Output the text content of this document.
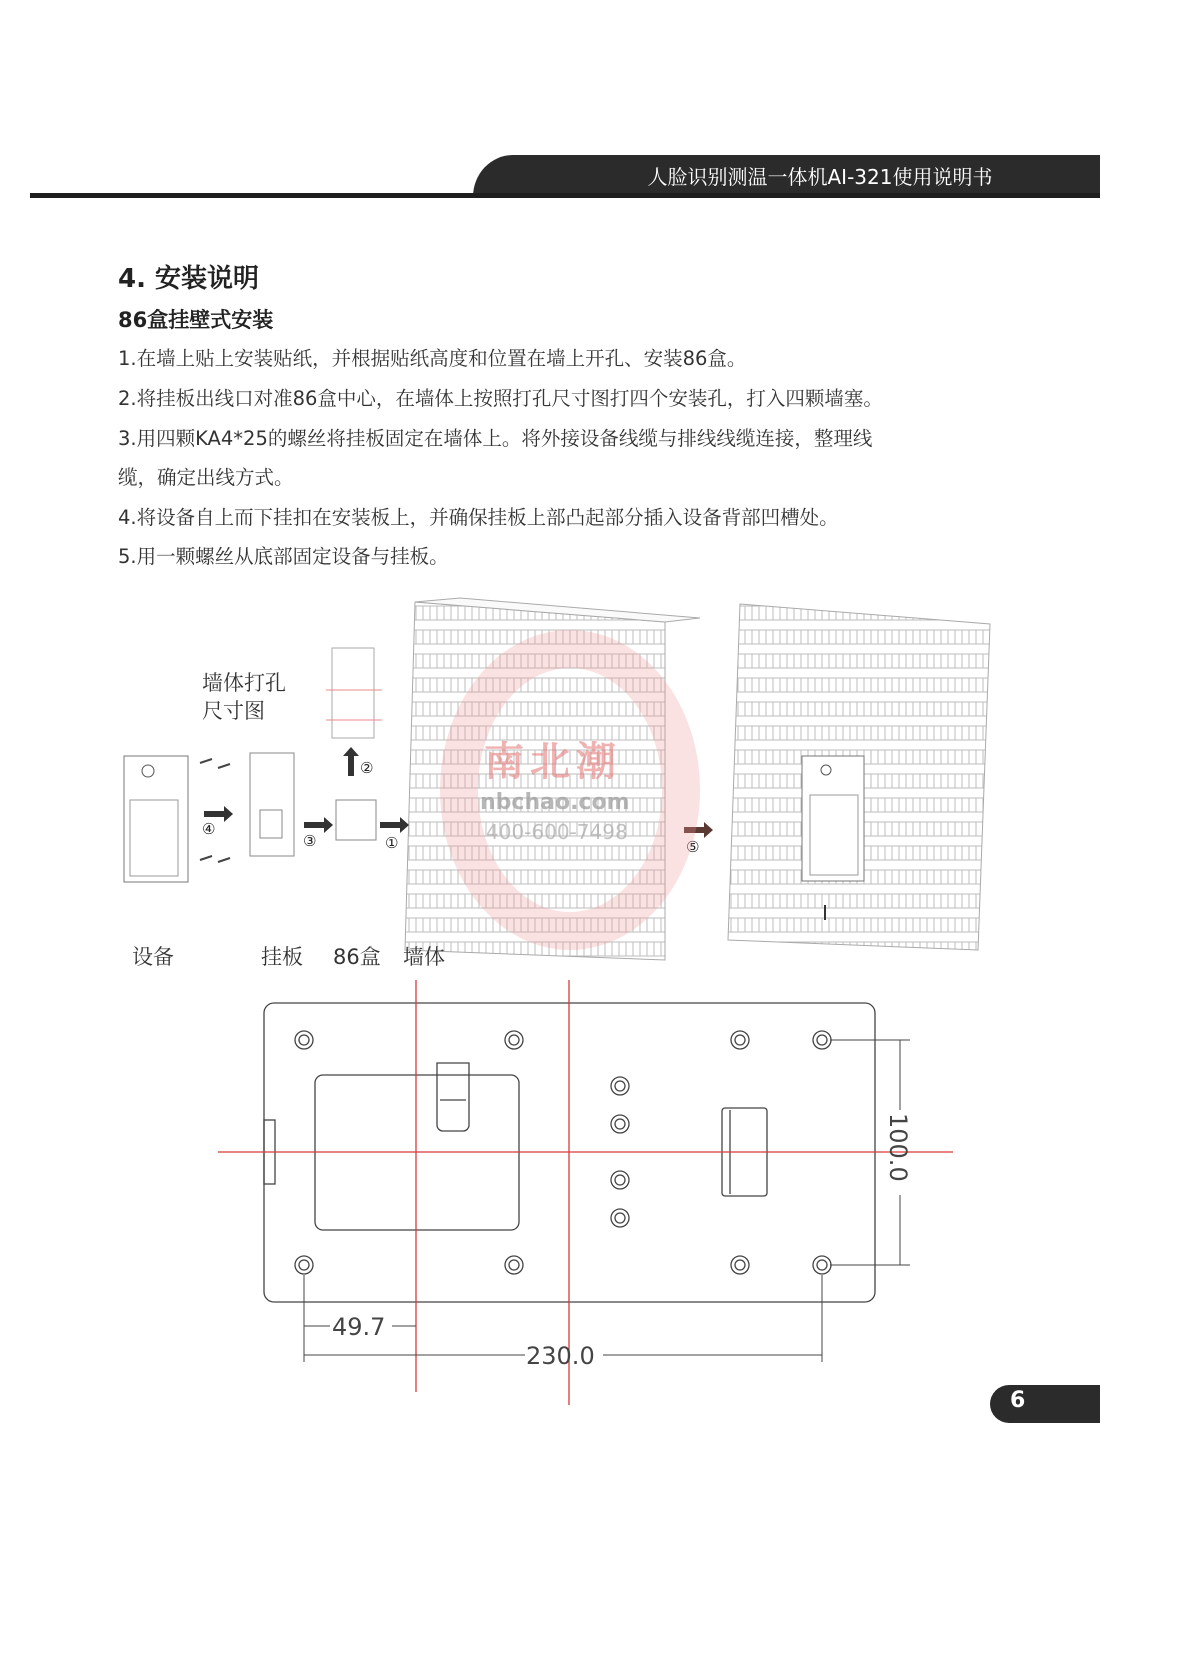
人脸识别测温一体机AI-321使用说明书
4. 安装说明
86盒挂壁式安装
1.在墙上贴上安装贴纸，并根据贴纸高度和位置在墙上开孔、安装86盒。
2.将挂板出线口对准86盒中心，在墙体上按照打孔尺寸图打四个安装孔，打入四颗墙塞。
3.用四颗KA4*25的螺丝将挂板固定在墙体上。将外接设备线缆与排线线缆连接，整理线
缆，确定出线方式。
4.将设备自上而下挂扣在安装板上，并确保挂板上部凸起部分插入设备背部凹槽处。
5.用一颗螺丝从底部固定设备与挂板。
①
②
③
④
⑤
49.7
230.0
100.0
南北潮
nbchao.com
400-600-7498
墙体打孔
尺寸图
设备	挂板 86盒 墙体
6
